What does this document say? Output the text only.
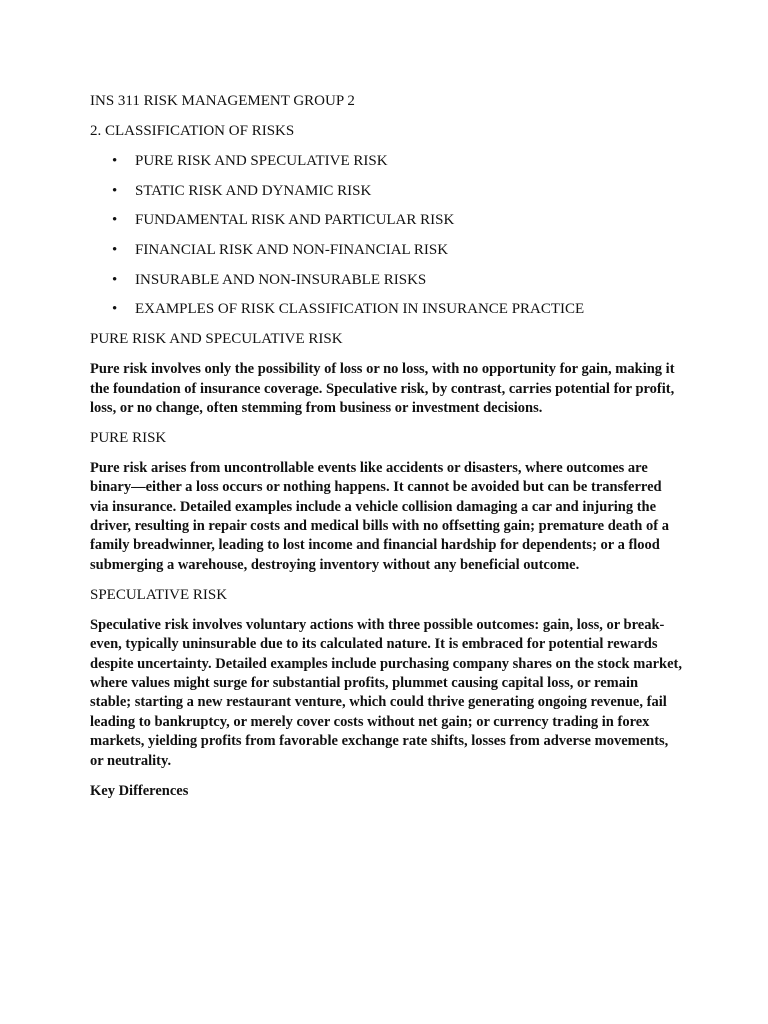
INS 311 RISK MANAGEMENT GROUP 2
2. CLASSIFICATION OF RISKS
• PURE RISK AND SPECULATIVE RISK
• STATIC RISK AND DYNAMIC RISK
• FUNDAMENTAL RISK AND PARTICULAR RISK
• FINANCIAL RISK AND NON-FINANCIAL RISK
• INSURABLE AND NON-INSURABLE RISKS
• EXAMPLES OF RISK CLASSIFICATION IN INSURANCE PRACTICE
PURE RISK AND SPECULATIVE RISK

Pure risk involves only the possibility of loss or no loss, with no opportunity for gain, making it the foundation of insurance coverage. Speculative risk, by contrast, carries potential for profit, loss, or no change, often stemming from business or investment decisions.

PURE RISK

Pure risk arises from uncontrollable events like accidents or disasters, where outcomes are binary—either a loss occurs or nothing happens. It cannot be avoided but can be transferred via insurance. Detailed examples include a vehicle collision damaging a car and injuring the driver, resulting in repair costs and medical bills with no offsetting gain; premature death of a family breadwinner, leading to lost income and financial hardship for dependents; or a flood submerging a warehouse, destroying inventory without any beneficial outcome.

SPECULATIVE RISK

Speculative risk involves voluntary actions with three possible outcomes: gain, loss, or break-even, typically uninsurable due to its calculated nature. It is embraced for potential rewards despite uncertainty. Detailed examples include purchasing company shares on the stock market, where values might surge for substantial profits, plummet causing capital loss, or remain stable; starting a new restaurant venture, which could thrive generating ongoing revenue, fail leading to bankruptcy, or merely cover costs without net gain; or currency trading in forex markets, yielding profits from favorable exchange rate shifts, losses from adverse movements, or neutrality.

Key Differences
